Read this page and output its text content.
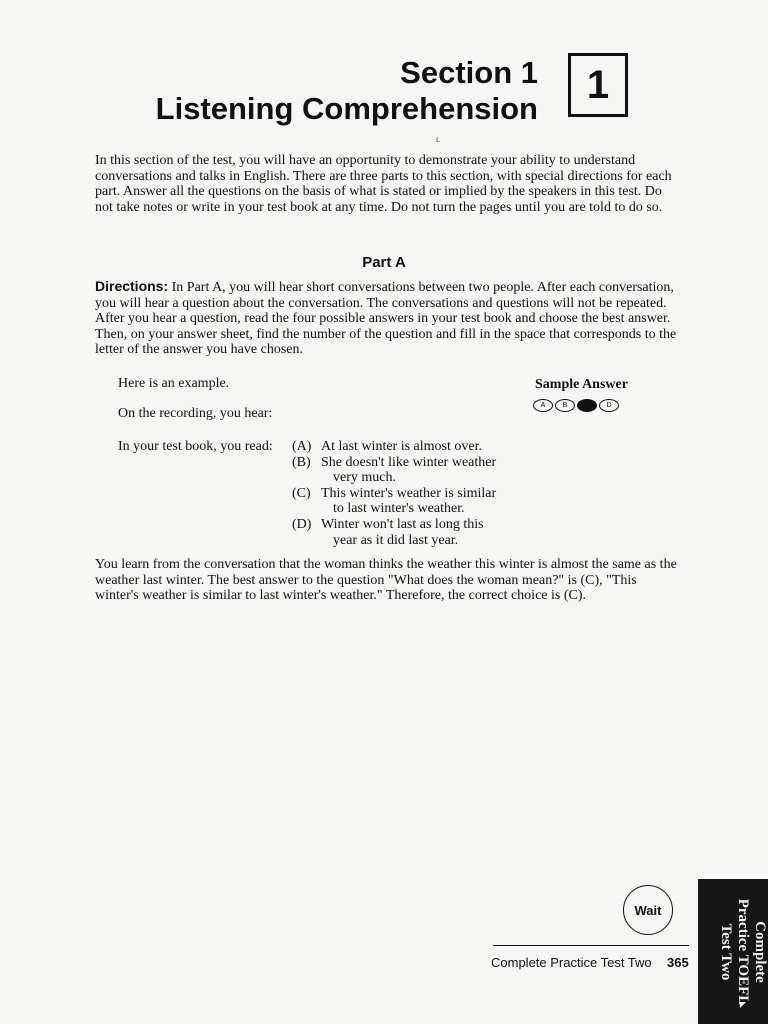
Section 1
Listening Comprehension
1
ʟ
In this section of the test, you will have an opportunity to demonstrate your ability to understand conversations and talks in English. There are three parts to this section, with special directions for each part. Answer all the questions on the basis of what is stated or implied by the speakers in this test. Do not take notes or write in your test book at any time. Do not turn the pages until you are told to do so.
Part A
Directions: In Part A, you will hear short conversations between two people. After each conversation, you will hear a question about the conversation. The conversations and questions will not be repeated. After you hear a question, read the four possible answers in your test book and choose the best answer. Then, on your answer sheet, find the number of the question and fill in the space that corresponds to the letter of the answer you have chosen.
Here is an example.
On the recording, you hear:
Sample Answer
A	B	C	D
In your test book, you read: (A) At last winter is almost over.
(B) She doesn't like winter weather
very much.
(C) This winter's weather is similar
to last winter's weather.
(D) Winter won't last as long this
year as it did last year.
You learn from the conversation that the woman thinks the weather this winter is almost the same as the weather last winter. The best answer to the question "What does the woman mean?" is (C), "This winter's weather is similar to last winter's weather." Therefore, the correct choice is (C).
Wait
Complete Practice Test Two 365	Complete
Practice TOEFL
Test Two
